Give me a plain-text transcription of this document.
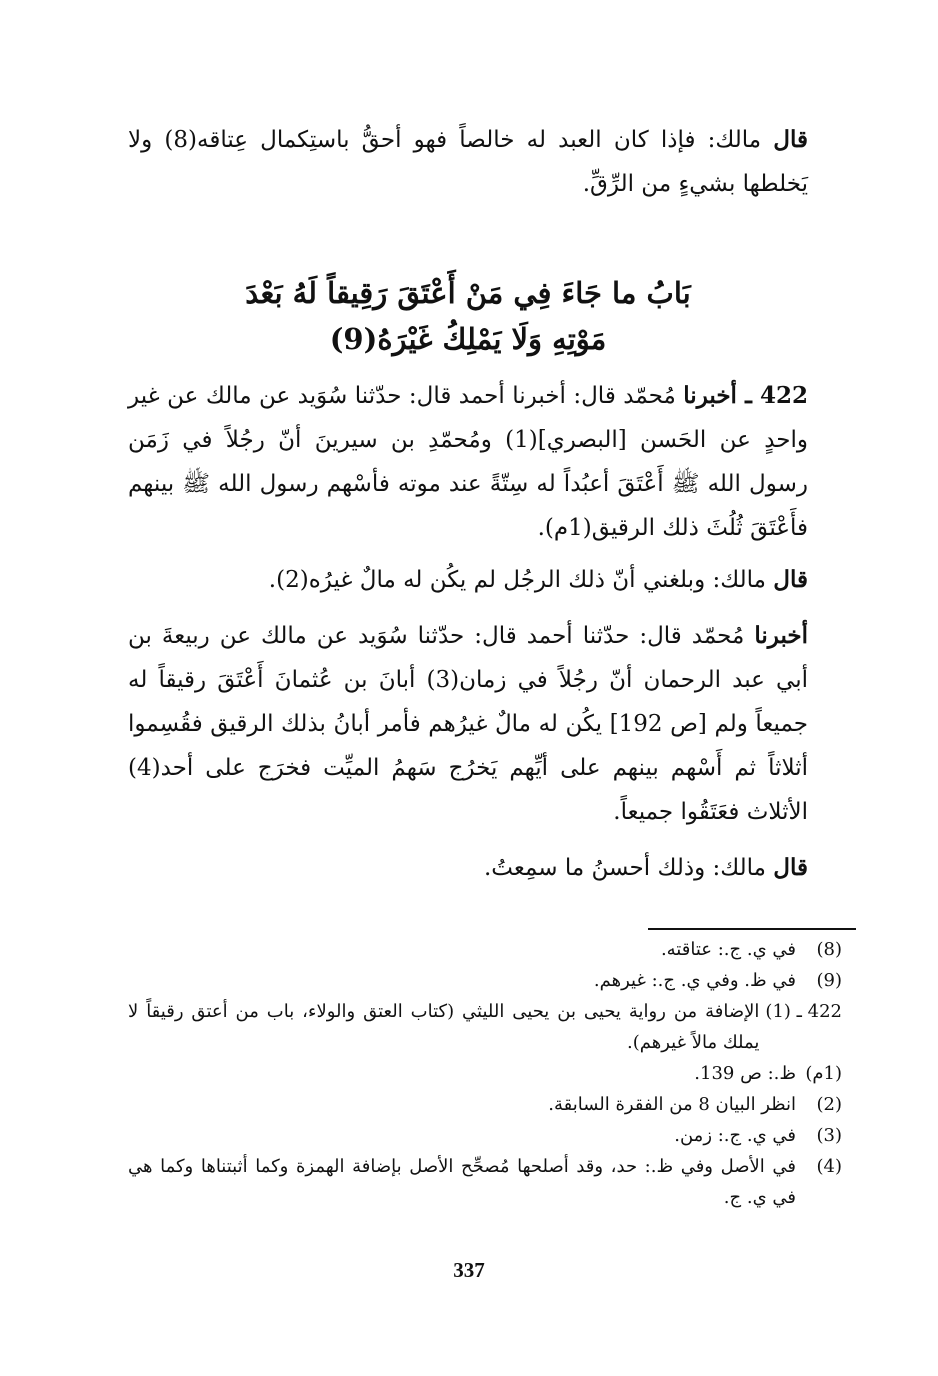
قال مالك: فإذا كان العبد له خالصاً فهو أحقُّ باستِكمال عِتاقه(8) ولا يَخلطها بشيءٍ من الرِّقِّ.
بَابُ ما جَاءَ فِي مَنْ أَعْتَقَ رَقِيقاً لَهُ بَعْدَ
مَوْتِهِ وَلَا يَمْلِكُ غَيْرَهُ(9)
422 ـ أخبرنا مُحمّد قال: أخبرنا أحمد قال: حدّثنا سُوَيد عن مالك عن غير واحدٍ عن الحَسن [البصري](1) ومُحمّدِ بن سيرينَ أنّ رجُلاً في زَمَن رسول الله ﷺ أَعْتَقَ أعبُداً له سِتّةً عند موته فأسْهم رسول الله ﷺ بينهم فأَعْتَقَ ثُلُثَ ذلك الرقيق(1م).
قال مالك: وبلغني أنّ ذلك الرجُل لم يكُن له مالٌ غيرُه(2).
أخبرنا مُحمّد قال: حدّثنا أحمد قال: حدّثنا سُوَيد عن مالك عن ربيعةَ بن أبي عبد الرحمان أنّ رجُلاً في زمان(3) أبانَ بن عُثمانَ أَعْتَقَ رقيقاً له جميعاً ولم [ص 192] يكُن له مالٌ غيرُهم فأمر أبانُ بذلك الرقيق فقُسِموا أثلاثاً ثم أَسْهم بينهم على أيِّهم يَخرُج سَهمُ الميِّت فخرَج على أحد(4) الأثلاث فعَتَقُوا جميعاً.
قال مالك: وذلك أحسنُ ما سمِعتُ.
(8)
في ي. ج.: عتاقته.
(9)
في ظ. وفي ي. ج.: غيرهم.
422 ـ (1)
الإضافة من رواية يحيى بن يحيى الليثي (كتاب العتق والولاء، باب من أعتق رقيقاً لا يملك مالاً غيرهم).
(1م)
ظ.: ص 139.
(2)
انظر البيان 8 من الفقرة السابقة.
(3)
في ي. ج.: زمن.
(4)
في الأصل وفي ظ.: حد، وقد أصلحها مُصحِّح الأصل بإضافة الهمزة وكما أثبتناها وكما هي في ي. ج.
337
